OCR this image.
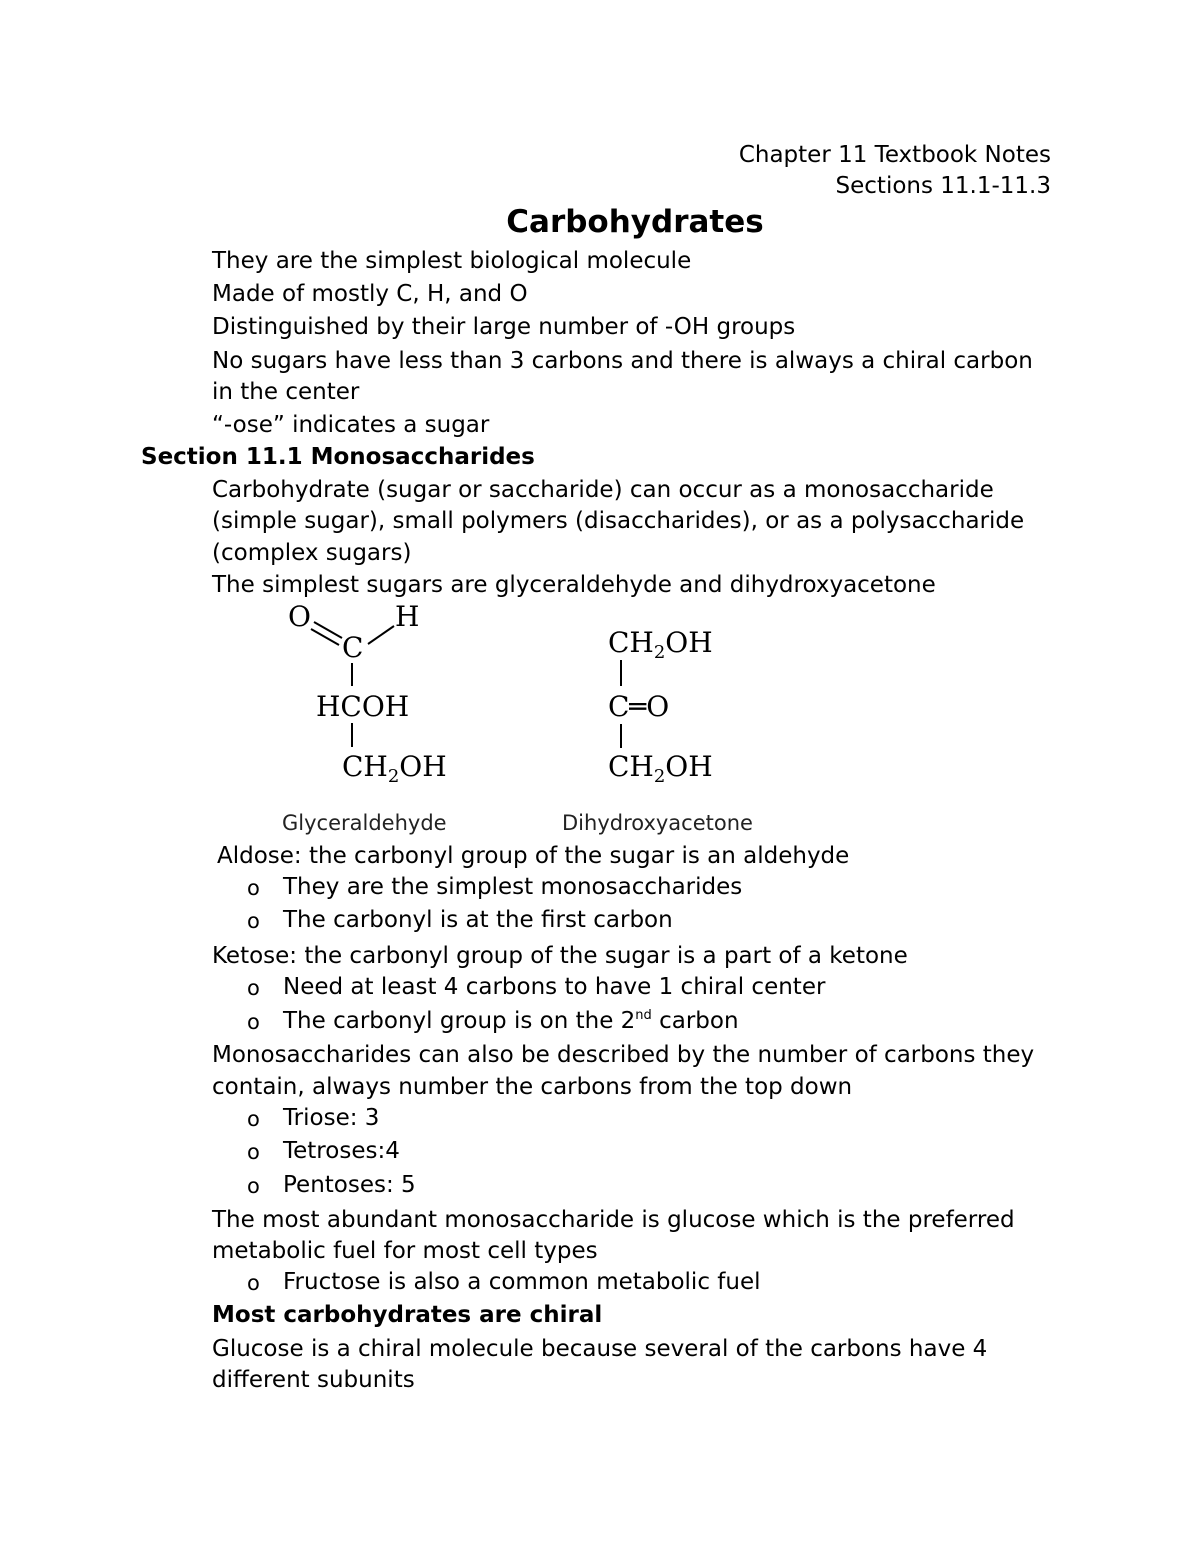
Chapter 11 Textbook Notes
Sections 11.1-11.3
Carbohydrates
They are the simplest biological molecule
Made of mostly C, H, and O
Distinguished by their large number of -OH groups
No sugars have less than 3 carbons and there is always a chiral carbon
in the center
“-ose” indicates a sugar
Section 11.1 Monosaccharides
Carbohydrate (sugar or saccharide) can occur as a monosaccharide
(simple sugar), small polymers (disaccharides), or as a polysaccharide
(complex sugars)
The simplest sugars are glyceraldehyde and dihydroxyacetone
O	H
C
HCOH
$CH_2OH$
Glyceraldehyde
$CH_2OH$
C═O
$CH_2OH$
Dihydroxyacetone
Aldose: the carbonyl group of the sugar is an aldehyde
o They are the simplest monosaccharides
o The carbonyl is at the first carbon
Ketose: the carbonyl group of the sugar is a part of a ketone
o Need at least 4 carbons to have 1 chiral center
o The carbonyl group is on the 2nd carbon
Monosaccharides can also be described by the number of carbons they
contain, always number the carbons from the top down
o Triose: 3
o Tetroses:4
o Pentoses: 5
The most abundant monosaccharide is glucose which is the preferred
metabolic fuel for most cell types
o Fructose is also a common metabolic fuel
Most carbohydrates are chiral
Glucose is a chiral molecule because several of the carbons have 4
different subunits
